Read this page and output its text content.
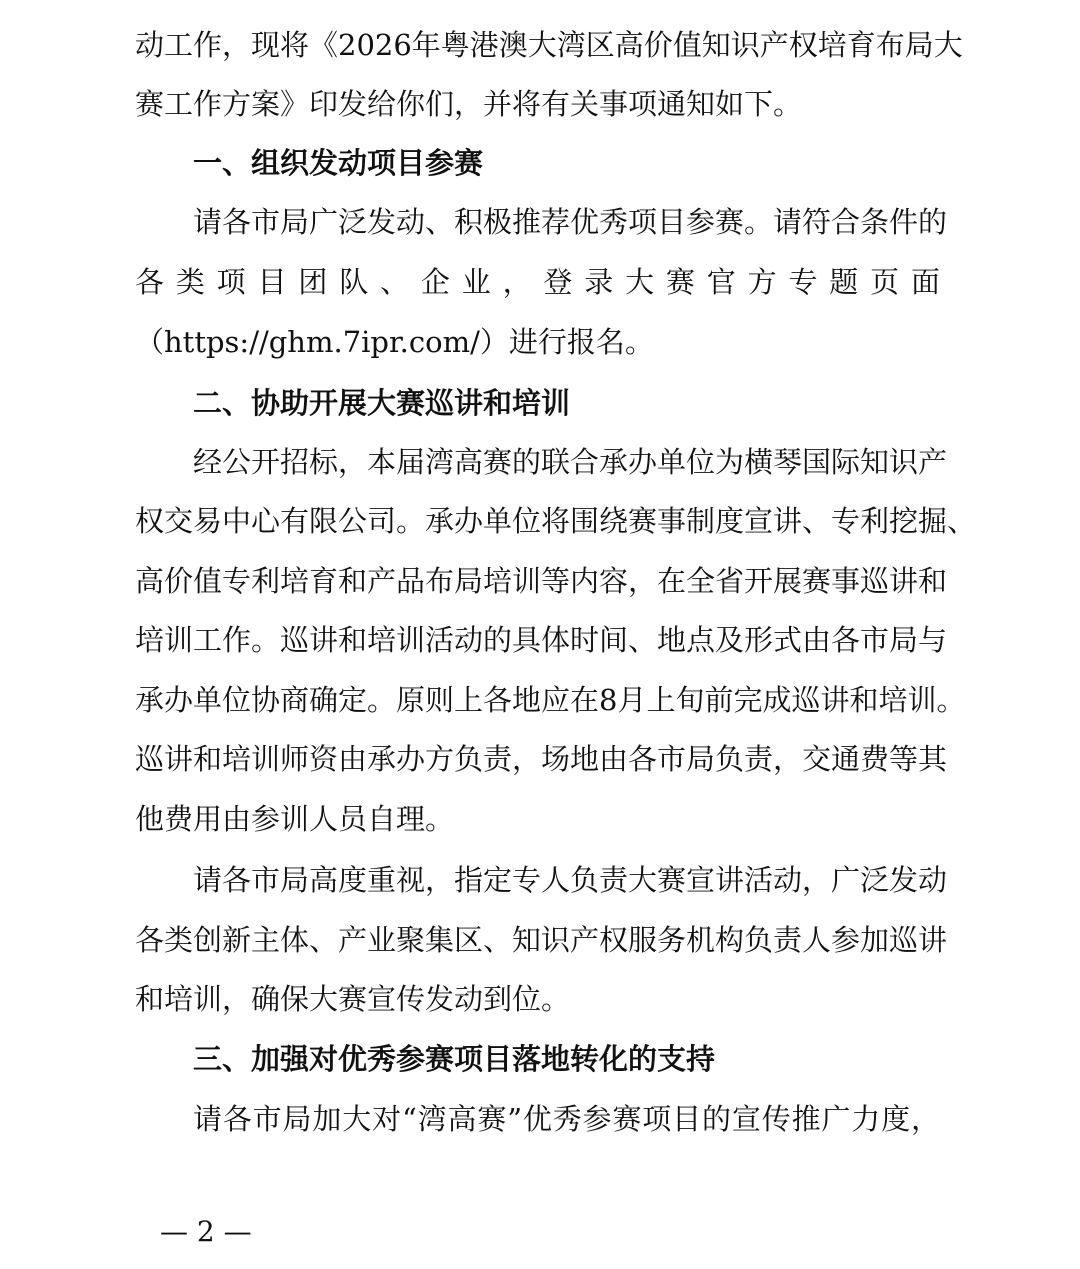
动工作，现将《2026年粤港澳大湾区高价值知识产权培育布局大
赛工作方案》印发给你们，并将有关事项通知如下。
一、组织发动项目参赛
请各市局广泛发动、积极推荐优秀项目参赛。请符合条件的
各类项目团队、企业，登录大赛官方专题页面
（https://ghm.7ipr.com/）进行报名。
二、协助开展大赛巡讲和培训
经公开招标，本届湾高赛的联合承办单位为横琴国际知识产
权交易中心有限公司。承办单位将围绕赛事制度宣讲、专利挖掘、
高价值专利培育和产品布局培训等内容，在全省开展赛事巡讲和
培训工作。巡讲和培训活动的具体时间、地点及形式由各市局与
承办单位协商确定。原则上各地应在8月上旬前完成巡讲和培训。
巡讲和培训师资由承办方负责，场地由各市局负责，交通费等其
他费用由参训人员自理。
请各市局高度重视，指定专人负责大赛宣讲活动，广泛发动
各类创新主体、产业聚集区、知识产权服务机构负责人参加巡讲
和培训，确保大赛宣传发动到位。
三、加强对优秀参赛项目落地转化的支持
请各市局加大对“湾高赛”优秀参赛项目的宣传推广力度，
— 2 —
